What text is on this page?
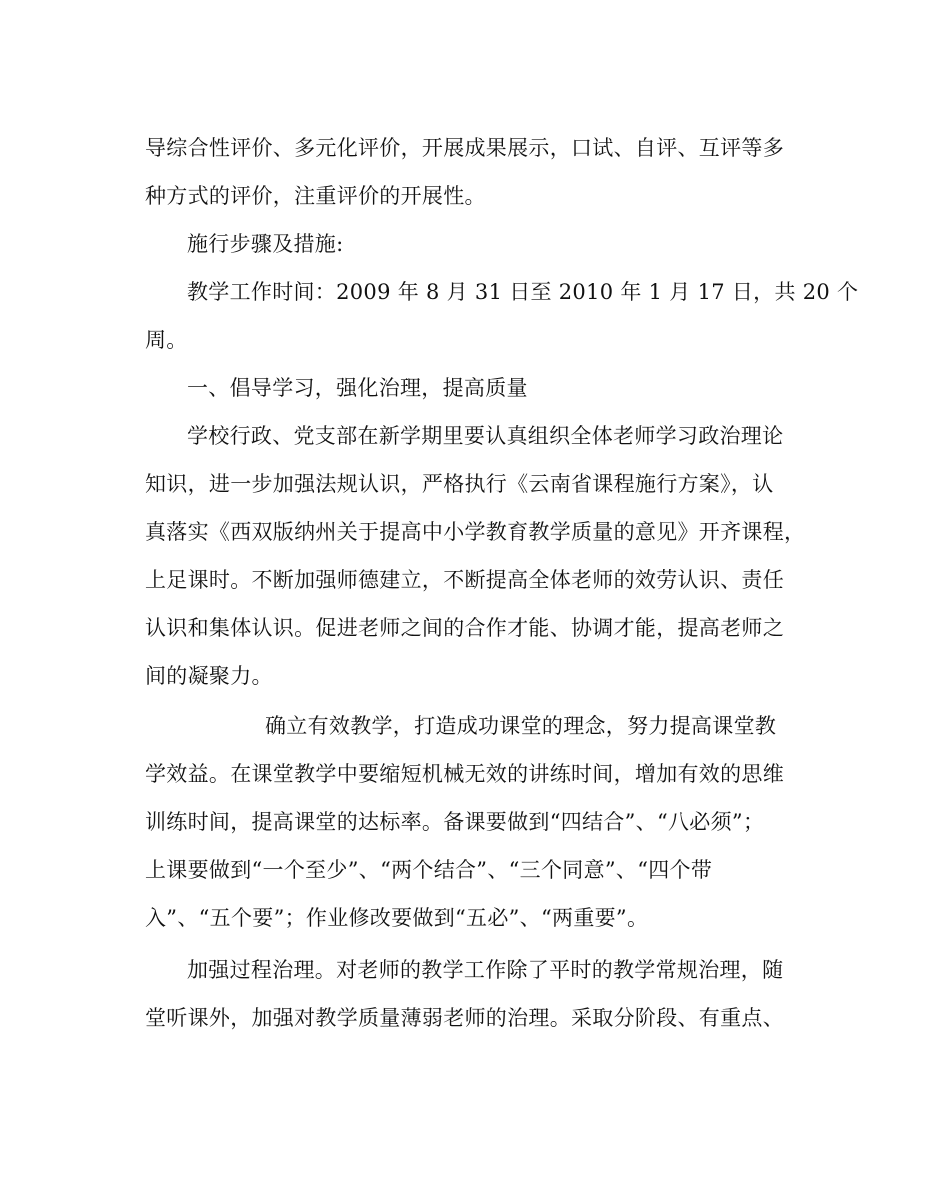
导综合性评价、多元化评价，开展成果展示，口试、自评、互评等多
种方式的评价，注重评价的开展性。
施行步骤及措施:
教学工作时间：2009 年 8 月 31 日至 2010 年 1 月 17 日，共 20 个
周。
一、倡导学习，强化治理，提高质量
学校行政、党支部在新学期里要认真组织全体老师学习政治理论
知识，进一步加强法规认识，严格执行《云南省课程施行方案》，认
真落实《西双版纳州关于提高中小学教育教学质量的意见》开齐课程，
上足课时。不断加强师德建立，不断提高全体老师的效劳认识、责任
认识和集体认识。促进老师之间的合作才能、协调才能，提高老师之
间的凝聚力。
确立有效教学，打造成功课堂的理念，努力提高课堂教
学效益。在课堂教学中要缩短机械无效的讲练时间，增加有效的思维
训练时间，提高课堂的达标率。备课要做到“四结合”、“八必须”；
上课要做到“一个至少”、“两个结合”、“三个同意”、“四个带
入”、“五个要”；作业修改要做到“五必”、“两重要”。
加强过程治理。对老师的教学工作除了平时的教学常规治理，随
堂听课外，加强对教学质量薄弱老师的治理。采取分阶段、有重点、
